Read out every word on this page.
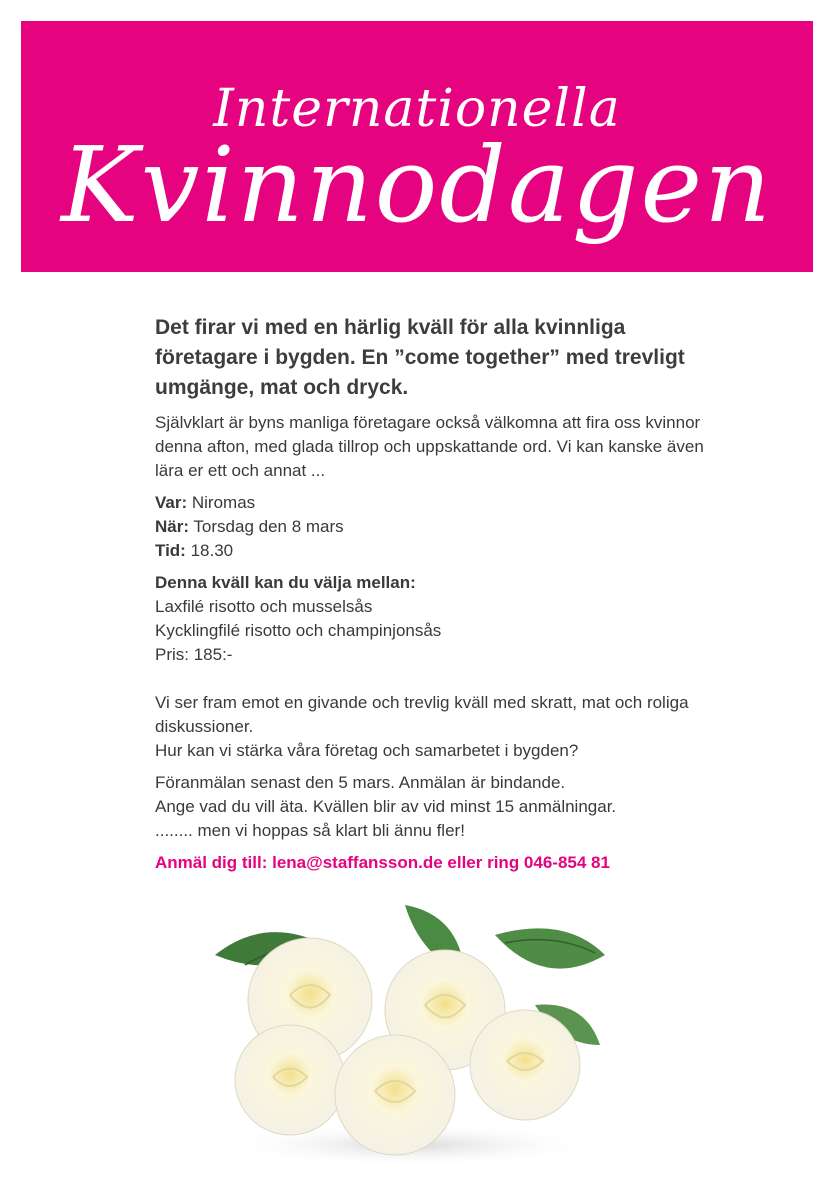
Internationella
Kvinnodagen
Det firar vi med en härlig kväll för alla kvinnliga företagare i bygden. En ”come together” med trevligt umgänge, mat och dryck.

Självklart är byns manliga företagare också välkomna att fira oss kvinnor denna afton, med glada tillrop och uppskattande ord. Vi kan kanske även lära er ett och annat ...

Var: Niromas

När: Torsdag den 8 mars

Tid: 18.30

Denna kväll kan du välja mellan:

Laxfilé risotto och musselsås

Kycklingfilé risotto och champinjonsås

Pris: 185:-

Vi ser fram emot en givande och trevlig kväll med skratt, mat och roliga diskussioner.

Hur kan vi stärka våra företag och samarbetet i bygden?

Föranmälan senast den 5 mars. Anmälan är bindande.

Ange vad du vill äta. Kvällen blir av vid minst 15 anmälningar.

........ men vi hoppas så klart bli ännu fler!

Anmäl dig till: lena@staffansson.de eller ring 046-854 81
